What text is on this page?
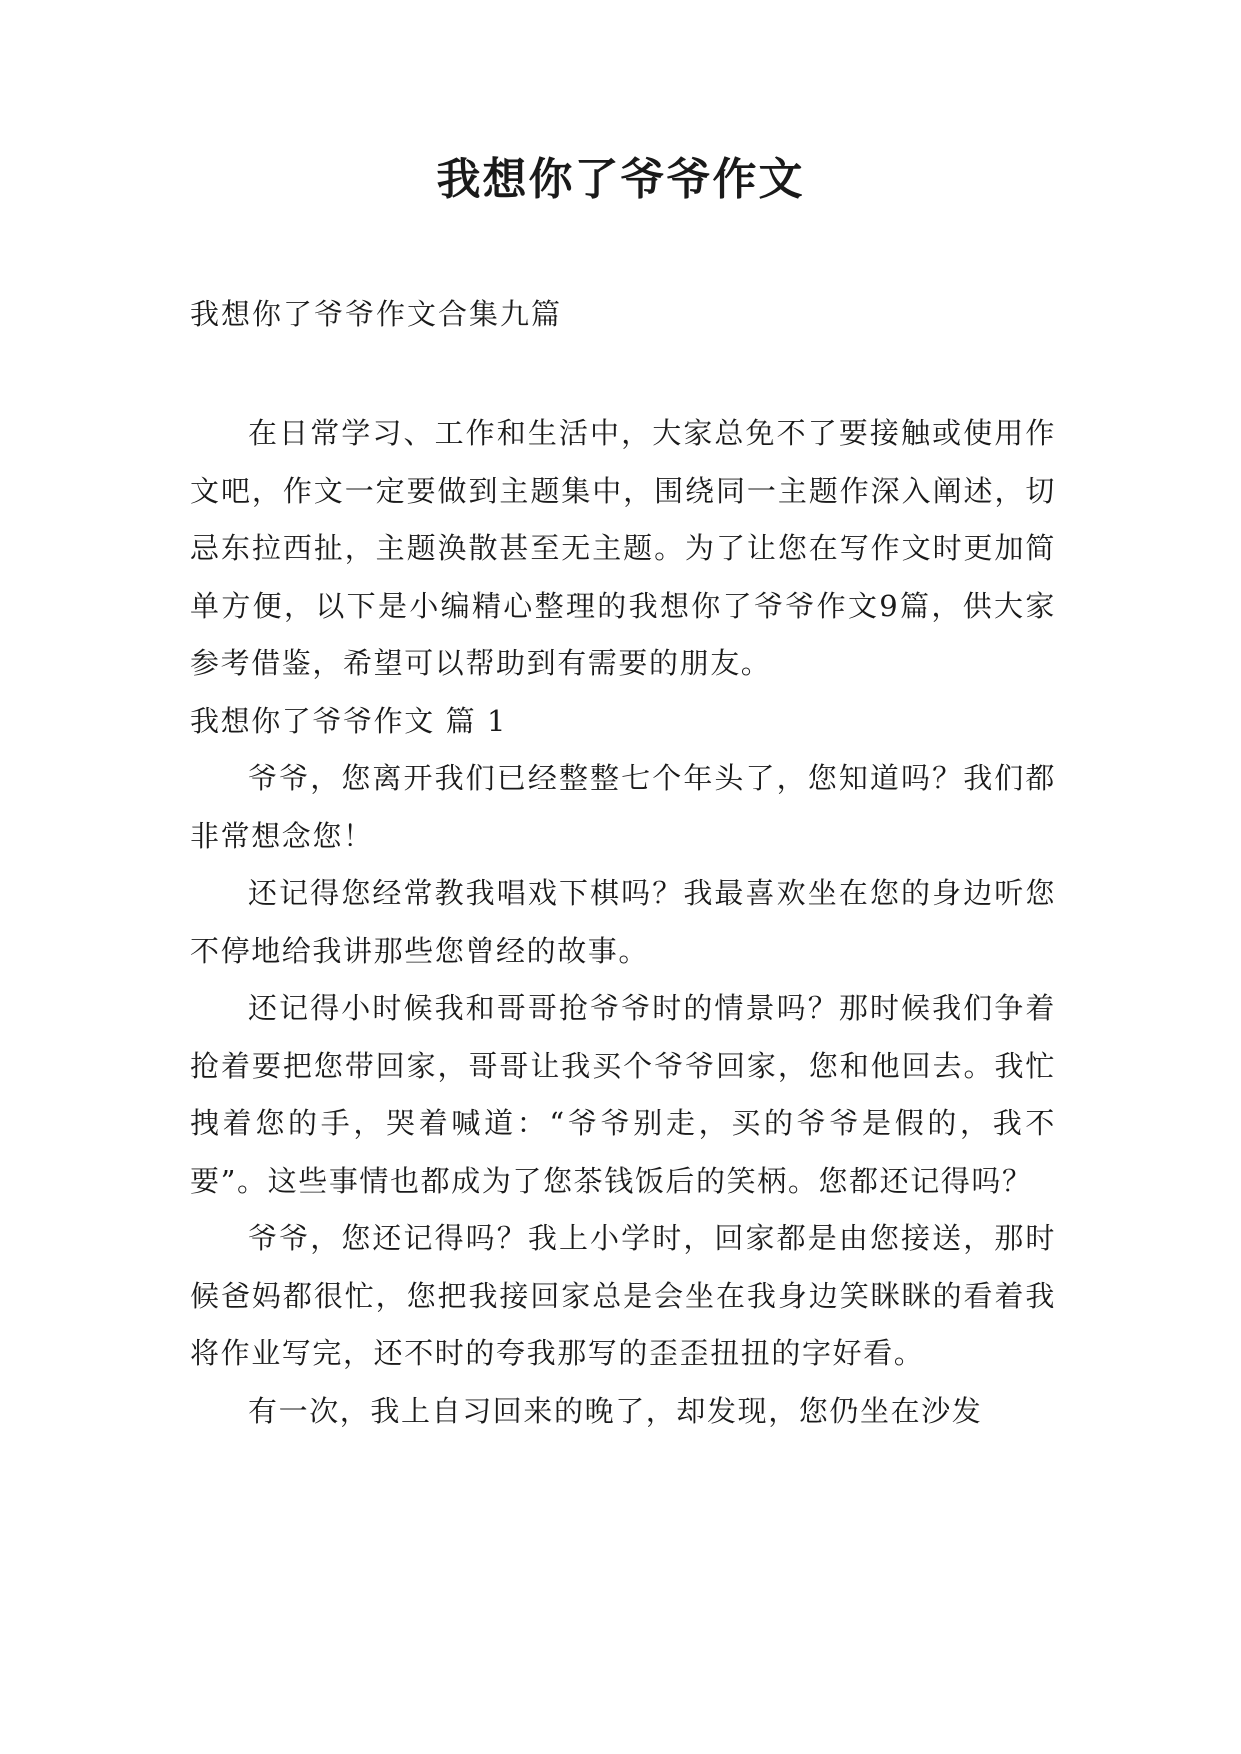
我想你了爷爷作文
我想你了爷爷作文合集九篇

在日常学习、工作和生活中，大家总免不了要接触或使用作文吧，作文一定要做到主题集中，围绕同一主题作深入阐述，切忌东拉西扯，主题涣散甚至无主题。为了让您在写作文时更加简单方便，以下是小编精心整理的我想你了爷爷作文9篇，供大家参考借鉴，希望可以帮助到有需要的朋友。

我想你了爷爷作文 篇 1

爷爷，您离开我们已经整整七个年头了，您知道吗？我们都非常想念您！

还记得您经常教我唱戏下棋吗？我最喜欢坐在您的身边听您不停地给我讲那些您曾经的故事。

还记得小时候我和哥哥抢爷爷时的情景吗？那时候我们争着抢着要把您带回家，哥哥让我买个爷爷回家，您和他回去。我忙拽着您的手，哭着喊道：“爷爷别走，买的爷爷是假的，我不要”。这些事情也都成为了您茶钱饭后的笑柄。您都还记得吗？

爷爷，您还记得吗？我上小学时，回家都是由您接送，那时候爸妈都很忙，您把我接回家总是会坐在我身边笑眯眯的看着我将作业写完，还不时的夸我那写的歪歪扭扭的字好看。

有一次，我上自习回来的晚了，却发现，您仍坐在沙发
